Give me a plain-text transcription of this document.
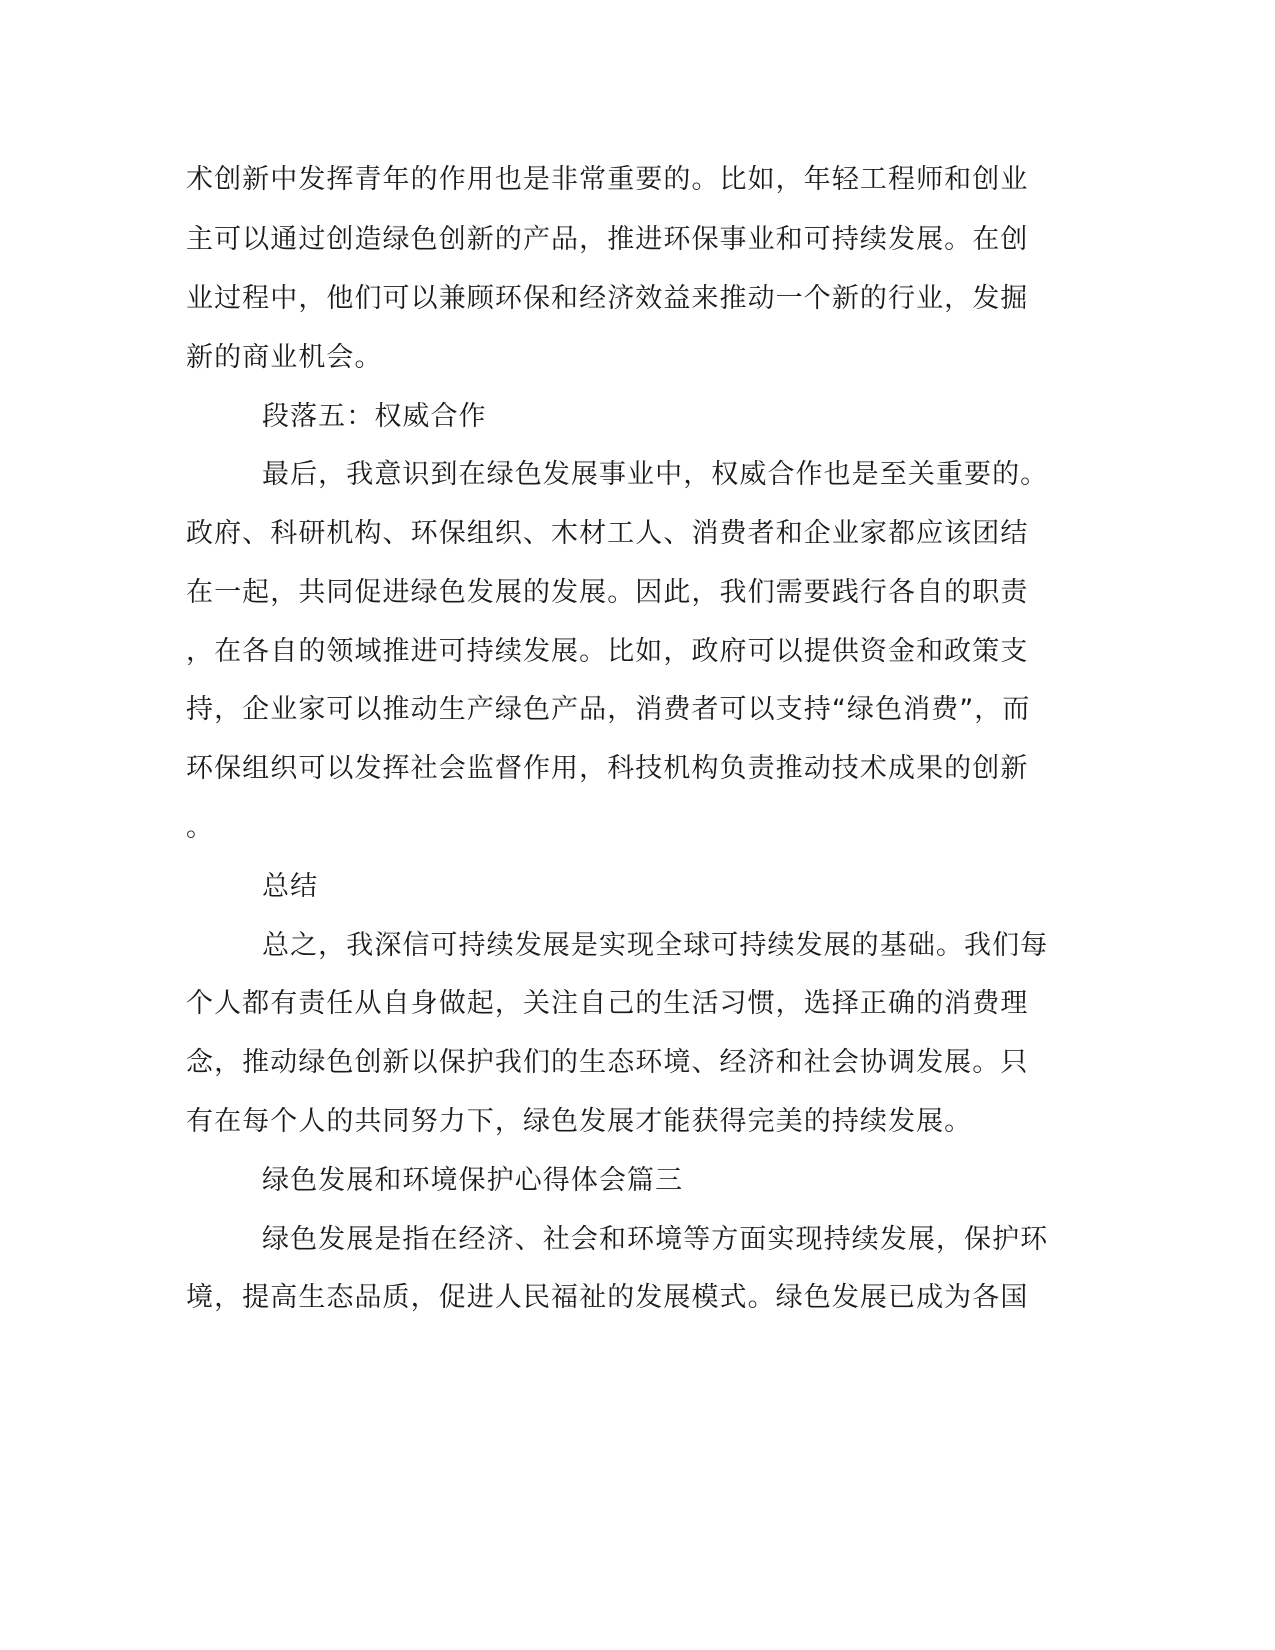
术创新中发挥青年的作用也是非常重要的。比如，年轻工程师和创业
主可以通过创造绿色创新的产品，推进环保事业和可持续发展。在创
业过程中，他们可以兼顾环保和经济效益来推动一个新的行业，发掘
新的商业机会。
段落五：权威合作
最后，我意识到在绿色发展事业中，权威合作也是至关重要的。
政府、科研机构、环保组织、木材工人、消费者和企业家都应该团结
在一起，共同促进绿色发展的发展。因此，我们需要践行各自的职责
，在各自的领域推进可持续发展。比如，政府可以提供资金和政策支
持，企业家可以推动生产绿色产品，消费者可以支持“绿色消费”，而
环保组织可以发挥社会监督作用，科技机构负责推动技术成果的创新
。
总结
总之，我深信可持续发展是实现全球可持续发展的基础。我们每
个人都有责任从自身做起，关注自己的生活习惯，选择正确的消费理
念，推动绿色创新以保护我们的生态环境、经济和社会协调发展。只
有在每个人的共同努力下，绿色发展才能获得完美的持续发展。
绿色发展和环境保护心得体会篇三
绿色发展是指在经济、社会和环境等方面实现持续发展，保护环
境，提高生态品质，促进人民福祉的发展模式。绿色发展已成为各国
